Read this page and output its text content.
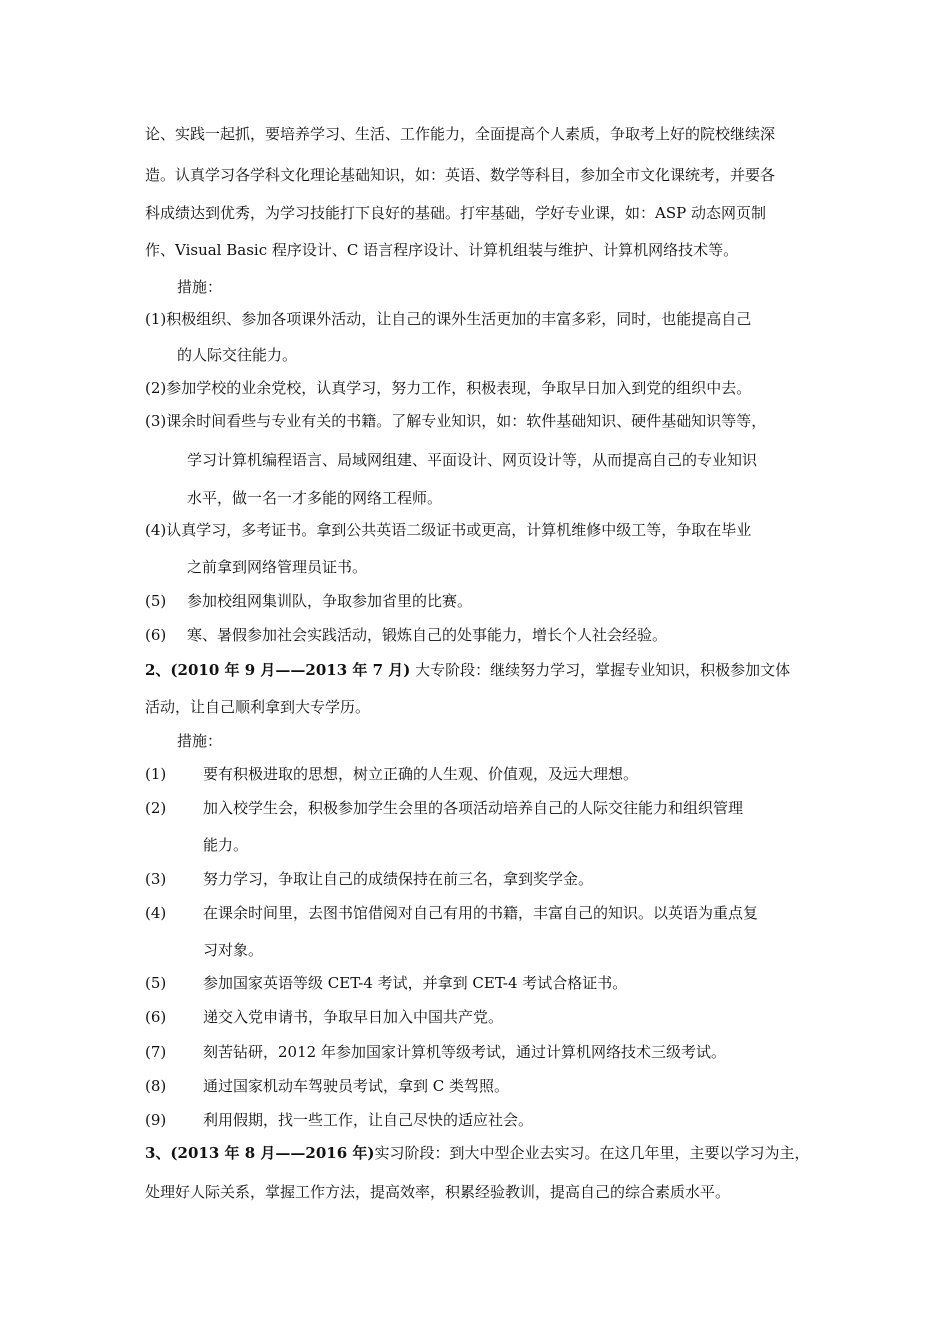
论、实践一起抓，要培养学习、生活、工作能力，全面提高个人素质，争取考上好的院校继续深
造。认真学习各学科文化理论基础知识，如：英语、数学等科目，参加全市文化课统考，并要各
科成绩达到优秀，为学习技能打下良好的基础。打牢基础，学好专业课，如：ASP 动态网页制
作、Visual Basic 程序设计、C 语言程序设计、计算机组装与维护、计算机网络技术等。
措施：
(1)积极组织、参加各项课外活动，让自己的课外生活更加的丰富多彩，同时，也能提高自己
的人际交往能力。
(2)参加学校的业余党校，认真学习，努力工作，积极表现，争取早日加入到党的组织中去。
(3)课余时间看些与专业有关的书籍。了解专业知识，如：软件基础知识、硬件基础知识等等，
学习计算机编程语言、局域网组建、平面设计、网页设计等，从而提高自己的专业知识
水平，做一名一才多能的网络工程师。
(4)认真学习，多考证书。拿到公共英语二级证书或更高，计算机维修中级工等，争取在毕业
之前拿到网络管理员证书。
(5) 参加校组网集训队，争取参加省里的比赛。
(6) 寒、暑假参加社会实践活动，锻炼自己的处事能力，增长个人社会经验。
2、(2010 年 9 月——2013 年 7 月) 大专阶段：继续努力学习，掌握专业知识，积极参加文体
活动，让自己顺利拿到大专学历。
措施：
(1) 要有积极进取的思想，树立正确的人生观、价值观，及远大理想。
(2) 加入校学生会，积极参加学生会里的各项活动培养自己的人际交往能力和组织管理
能力。
(3) 努力学习，争取让自己的成绩保持在前三名，拿到奖学金。
(4) 在课余时间里，去图书馆借阅对自己有用的书籍，丰富自己的知识。以英语为重点复
习对象。
(5) 参加国家英语等级 CET-4 考试，并拿到 CET-4 考试合格证书。
(6) 递交入党申请书，争取早日加入中国共产党。
(7) 刻苦钻研，2012 年参加国家计算机等级考试，通过计算机网络技术三级考试。
(8) 通过国家机动车驾驶员考试，拿到 C 类驾照。
(9) 利用假期，找一些工作，让自己尽快的适应社会。
3、(2013 年 8 月——2016 年)实习阶段：到大中型企业去实习。在这几年里，主要以学习为主，
处理好人际关系，掌握工作方法，提高效率，积累经验教训，提高自己的综合素质水平。
